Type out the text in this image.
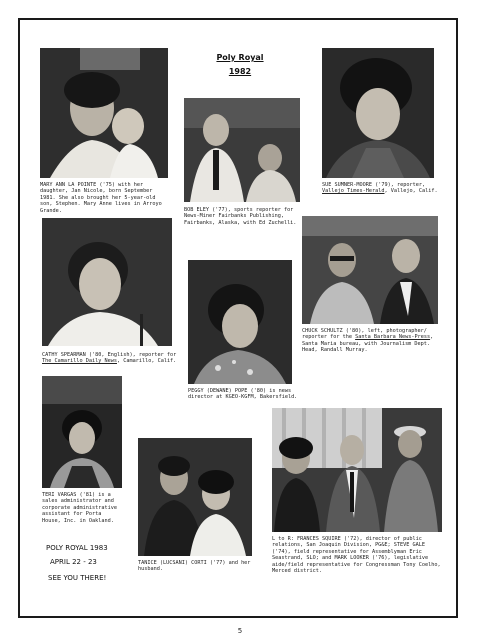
Poly Royal
1982

MARY ANN LA POINTE ('75) with her daughter, Jan Nicole, born September 1981. She also brought her 5-year-old son, Stephen. Mary Anne lives in Arroyo Grande.	BOB ELEY ('77), sports reporter for News-Miner Fairbanks Publishing, Fairbanks, Alaska, with Ed Zuchelli.

SUE SUMNER-MOORE ('79), reporter, Vallejo Times-Herald, Vallejo, Calif.

CATHY SPEARMAN ('80, English), reporter for The Camarillo Daily News, Camarillo, Calif.

PEGGY (DEWANE) POPE ('80) is news director at KGEO-KGFM, Bakersfield.

CHUCK SCHULTZ ('80), left, photographer/ reporter for the Santa Barbara News-Press, Santa Maria bureau, with Journalism Dept. Head, Randall Murray.

TERI VARGAS ('81) is a sales administrator and corporate administrative assistant for Porta House, Inc. in Oakland.

TANICE (LUCSANI) CORTI ('77) and her husband.

L to R: FRANCES SQUIRE ('72), director of public relations, San Joaquin Division, PG&E; STEVE GALE ('74), field representative for Assemblyman Eric Seastrand, SLO; and MARK LOOKER ('76), legislative aide/field representative for Congressman Tony Coelho, Merced district.

POLY ROYAL 1983

APRIL 22 - 23

SEE YOU THERE!

5
